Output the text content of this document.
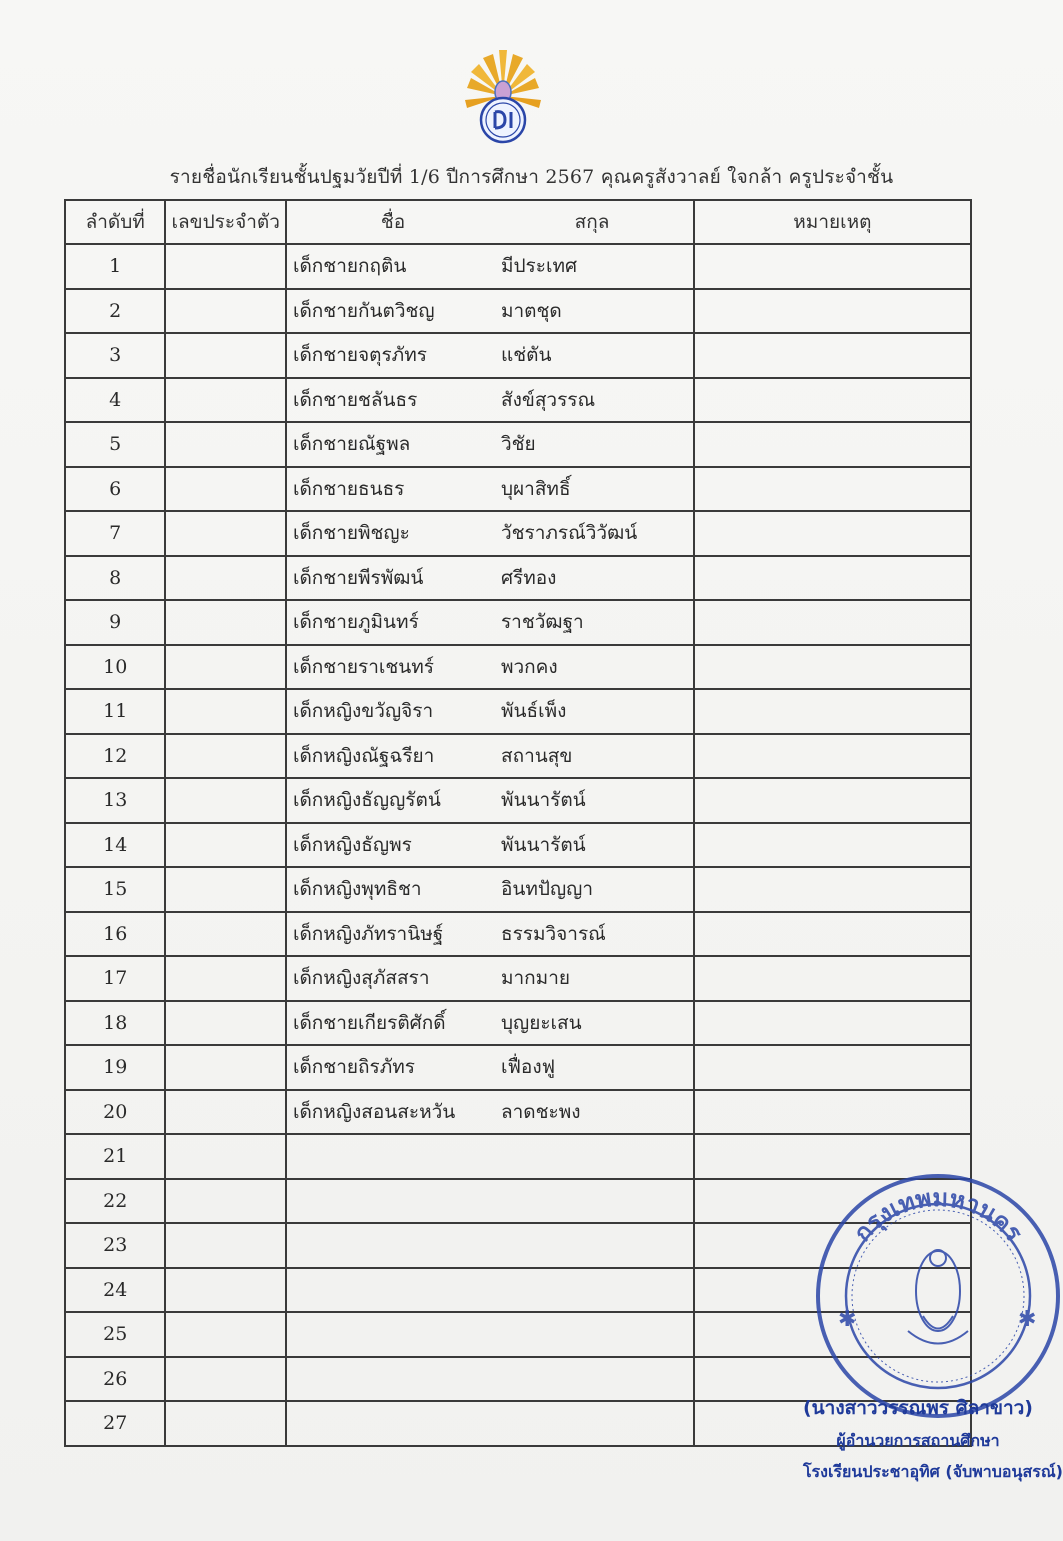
รายชื่อนักเรียนชั้นปฐมวัยปีที่ 1/6 ปีการศึกษา 2567 คุณครูสังวาลย์ ใจกล้า ครูประจำชั้น
ลำดับที่	เลขประจำตัว	ชื่อ สกุล	หมายเหตุ
1		เด็กชายกฤติน มีประเทศ	

2		เด็กชายกันตวิชญ มาตชุด	

3		เด็กชายจตุรภัทร แช่ตัน	

4		เด็กชายชลันธร สังข์สุวรรณ	

5		เด็กชายณัฐพล วิชัย	

6		เด็กชายธนธร บุผาสิทธิ์	

7		เด็กชายพิชญะ วัชราภรณ์วิวัฒน์	

8		เด็กชายพีรพัฒน์ ศรีทอง	

9		เด็กชายภูมินทร์ ราชวัฒฐา	

10		เด็กชายราเชนทร์ พวกคง	

11		เด็กหญิงขวัญจิรา พันธ์เพ็ง	

12		เด็กหญิงณัฐฉรียา สถานสุข	

13		เด็กหญิงธัญญรัตน์ พันนารัตน์	

14		เด็กหญิงธัญพร พันนารัตน์	

15		เด็กหญิงพุทธิชา อินทปัญญา	

16		เด็กหญิงภัทรานิษฐ์ ธรรมวิจารณ์	

17		เด็กหญิงสุภัสสรา มากมาย	

18		เด็กชายเกียรติศักดิ์ บุญยะเสน	

19		เด็กชายถิรภัทร เฟื่องฟู	

20		เด็กหญิงสอนสะหวัน ลาดชะพง	

21		

22		

23		

24		

25		

26		

27		

กรุงเทพมหานคร
✱	✱
(นางสาววรรณพร ศิลาขาว)
ผู้อำนวยการสถานศึกษา
โรงเรียนประชาอุทิศ (จับพาบอนุสรณ์)
